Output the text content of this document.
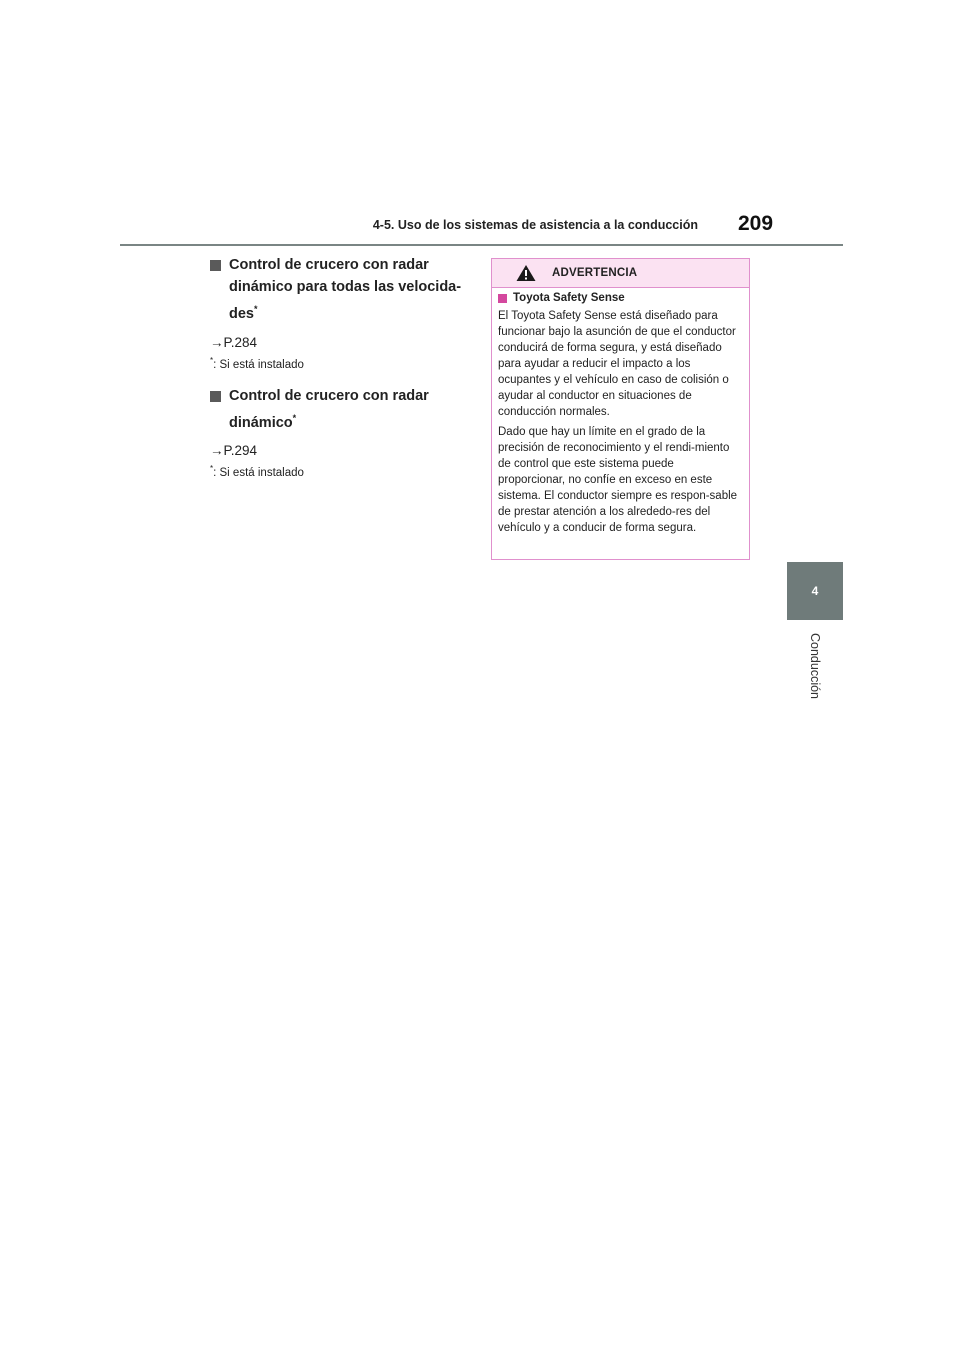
4-5. Uso de los sistemas de asistencia a la conducción 209
4
Conducción
Control de crucero con radar dinámico para todas las velocida-des*
→P.284
*: Si está instalado
Control de crucero con radar dinámico*
→P.294
*: Si está instalado
ADVERTENCIA
Toyota Safety Sense

El Toyota Safety Sense está diseñado para funcionar bajo la asunción de que el conductor conducirá de forma segura, y está diseñado para ayudar a reducir el impacto a los ocupantes y el vehículo en caso de colisión o ayudar al conductor en situaciones de conducción normales.

Dado que hay un límite en el grado de la precisión de reconocimiento y el rendi-miento de control que este sistema puede proporcionar, no confíe en exceso en este sistema. El conductor siempre es respon-sable de prestar atención a los alrededo-res del vehículo y a conducir de forma segura.
